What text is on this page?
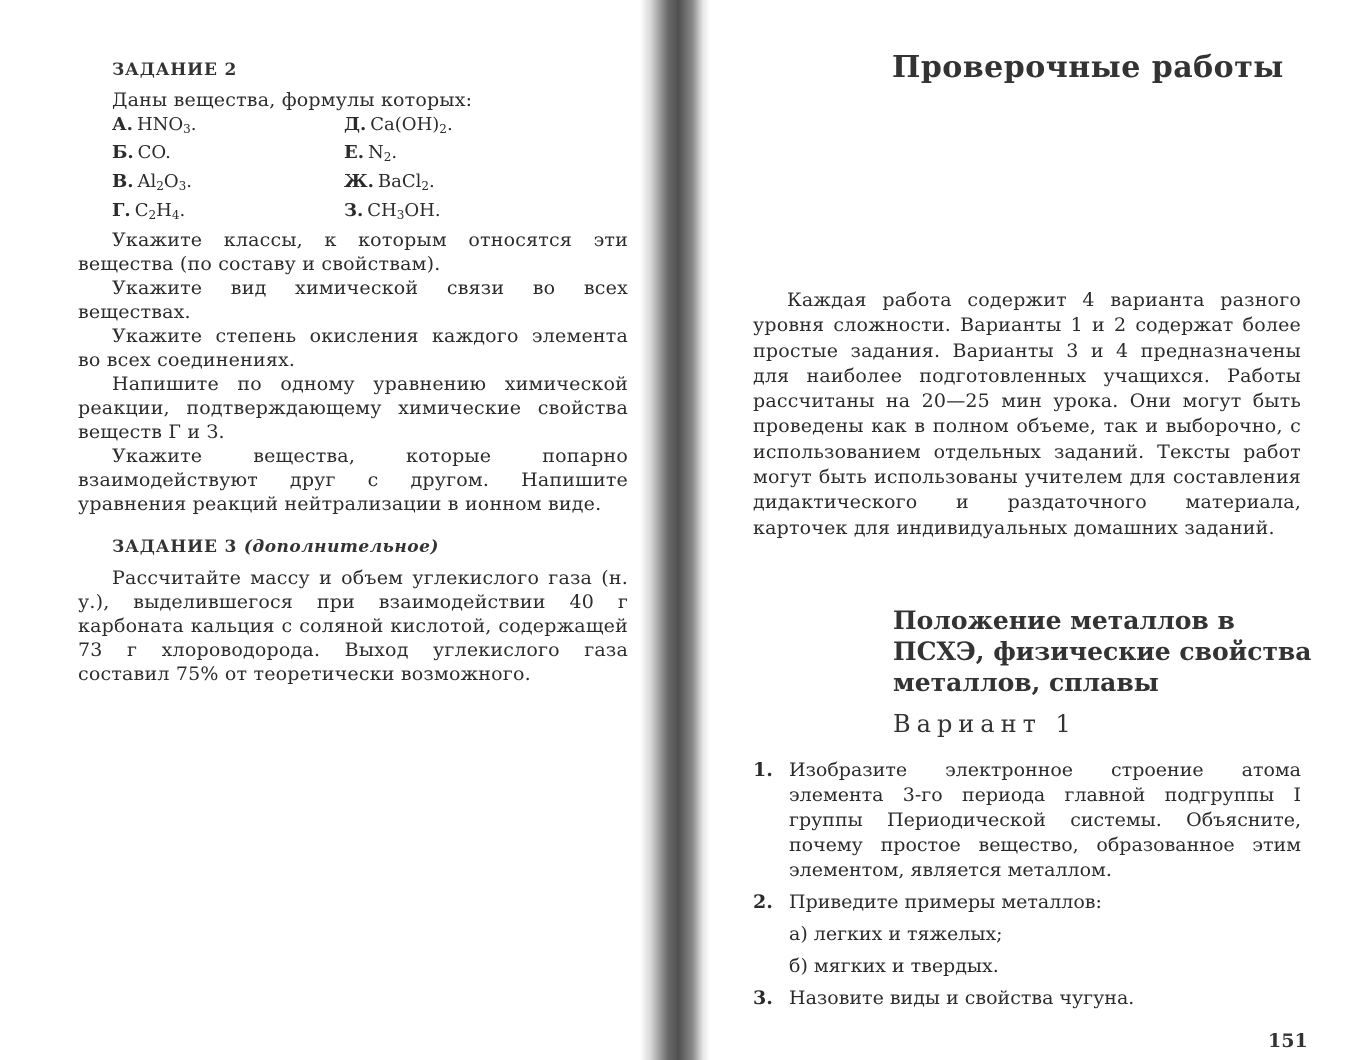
ЗАДАНИЕ 2

Даны вещества, формулы которых:

А. $HNO_3$.	Д. $Ca(OH)_2$.
Б. CO.	Е. $N_2$.
В. $Al_2O_3$.	Ж. BaCl$_2$.
Г. $C_2H_4$.	З. $CH_3OH$.

Укажите классы, к которым относятся эти вещества (по составу и свойствам).

Укажите вид химической связи во всех веществах.

Укажите степень окисления каждого элемента во всех соединениях.

Напишите по одному уравнению химической реакции, подтверждающему химические свойства веществ Г и З.

Укажите вещества, которые попарно взаимодействуют друг с другом. Напишите уравнения реакций нейтрализации в ионном виде.

ЗАДАНИЕ 3 (дополнительное)

Рассчитайте массу и объем углекислого газа (н. у.), выделившегося при взаимодействии 40 г карбоната кальция с соляной кислотой, содержащей 73 г хлороводорода. Выход углекислого газа составил 75% от теоретически возможного.

Проверочные работы

Каждая работа содержит 4 варианта разного уровня сложности. Варианты 1 и 2 содержат более простые задания. Варианты 3 и 4 предназначены для наиболее подготовленных учащихся. Работы рассчитаны на 20—25 мин урока. Они могут быть проведены как в полном объеме, так и выборочно, с использованием отдельных заданий. Тексты работ могут быть использованы учителем для составления дидактического и раздаточного материала, карточек для индивидуальных домашних заданий.

Положение металлов в ПСХЭ, физические свойства металлов, сплавы
Вариант 1
1. Изобразите электронное строение атома элемента 3-го периода главной подгруппы I группы Периодической системы. Объясните, почему простое вещество, образованное этим элементом, является металлом.

2. Приведите примеры металлов:

а) легких и тяжелых;

б) мягких и твердых.

3. Назовите виды и свойства чугуна.

151
